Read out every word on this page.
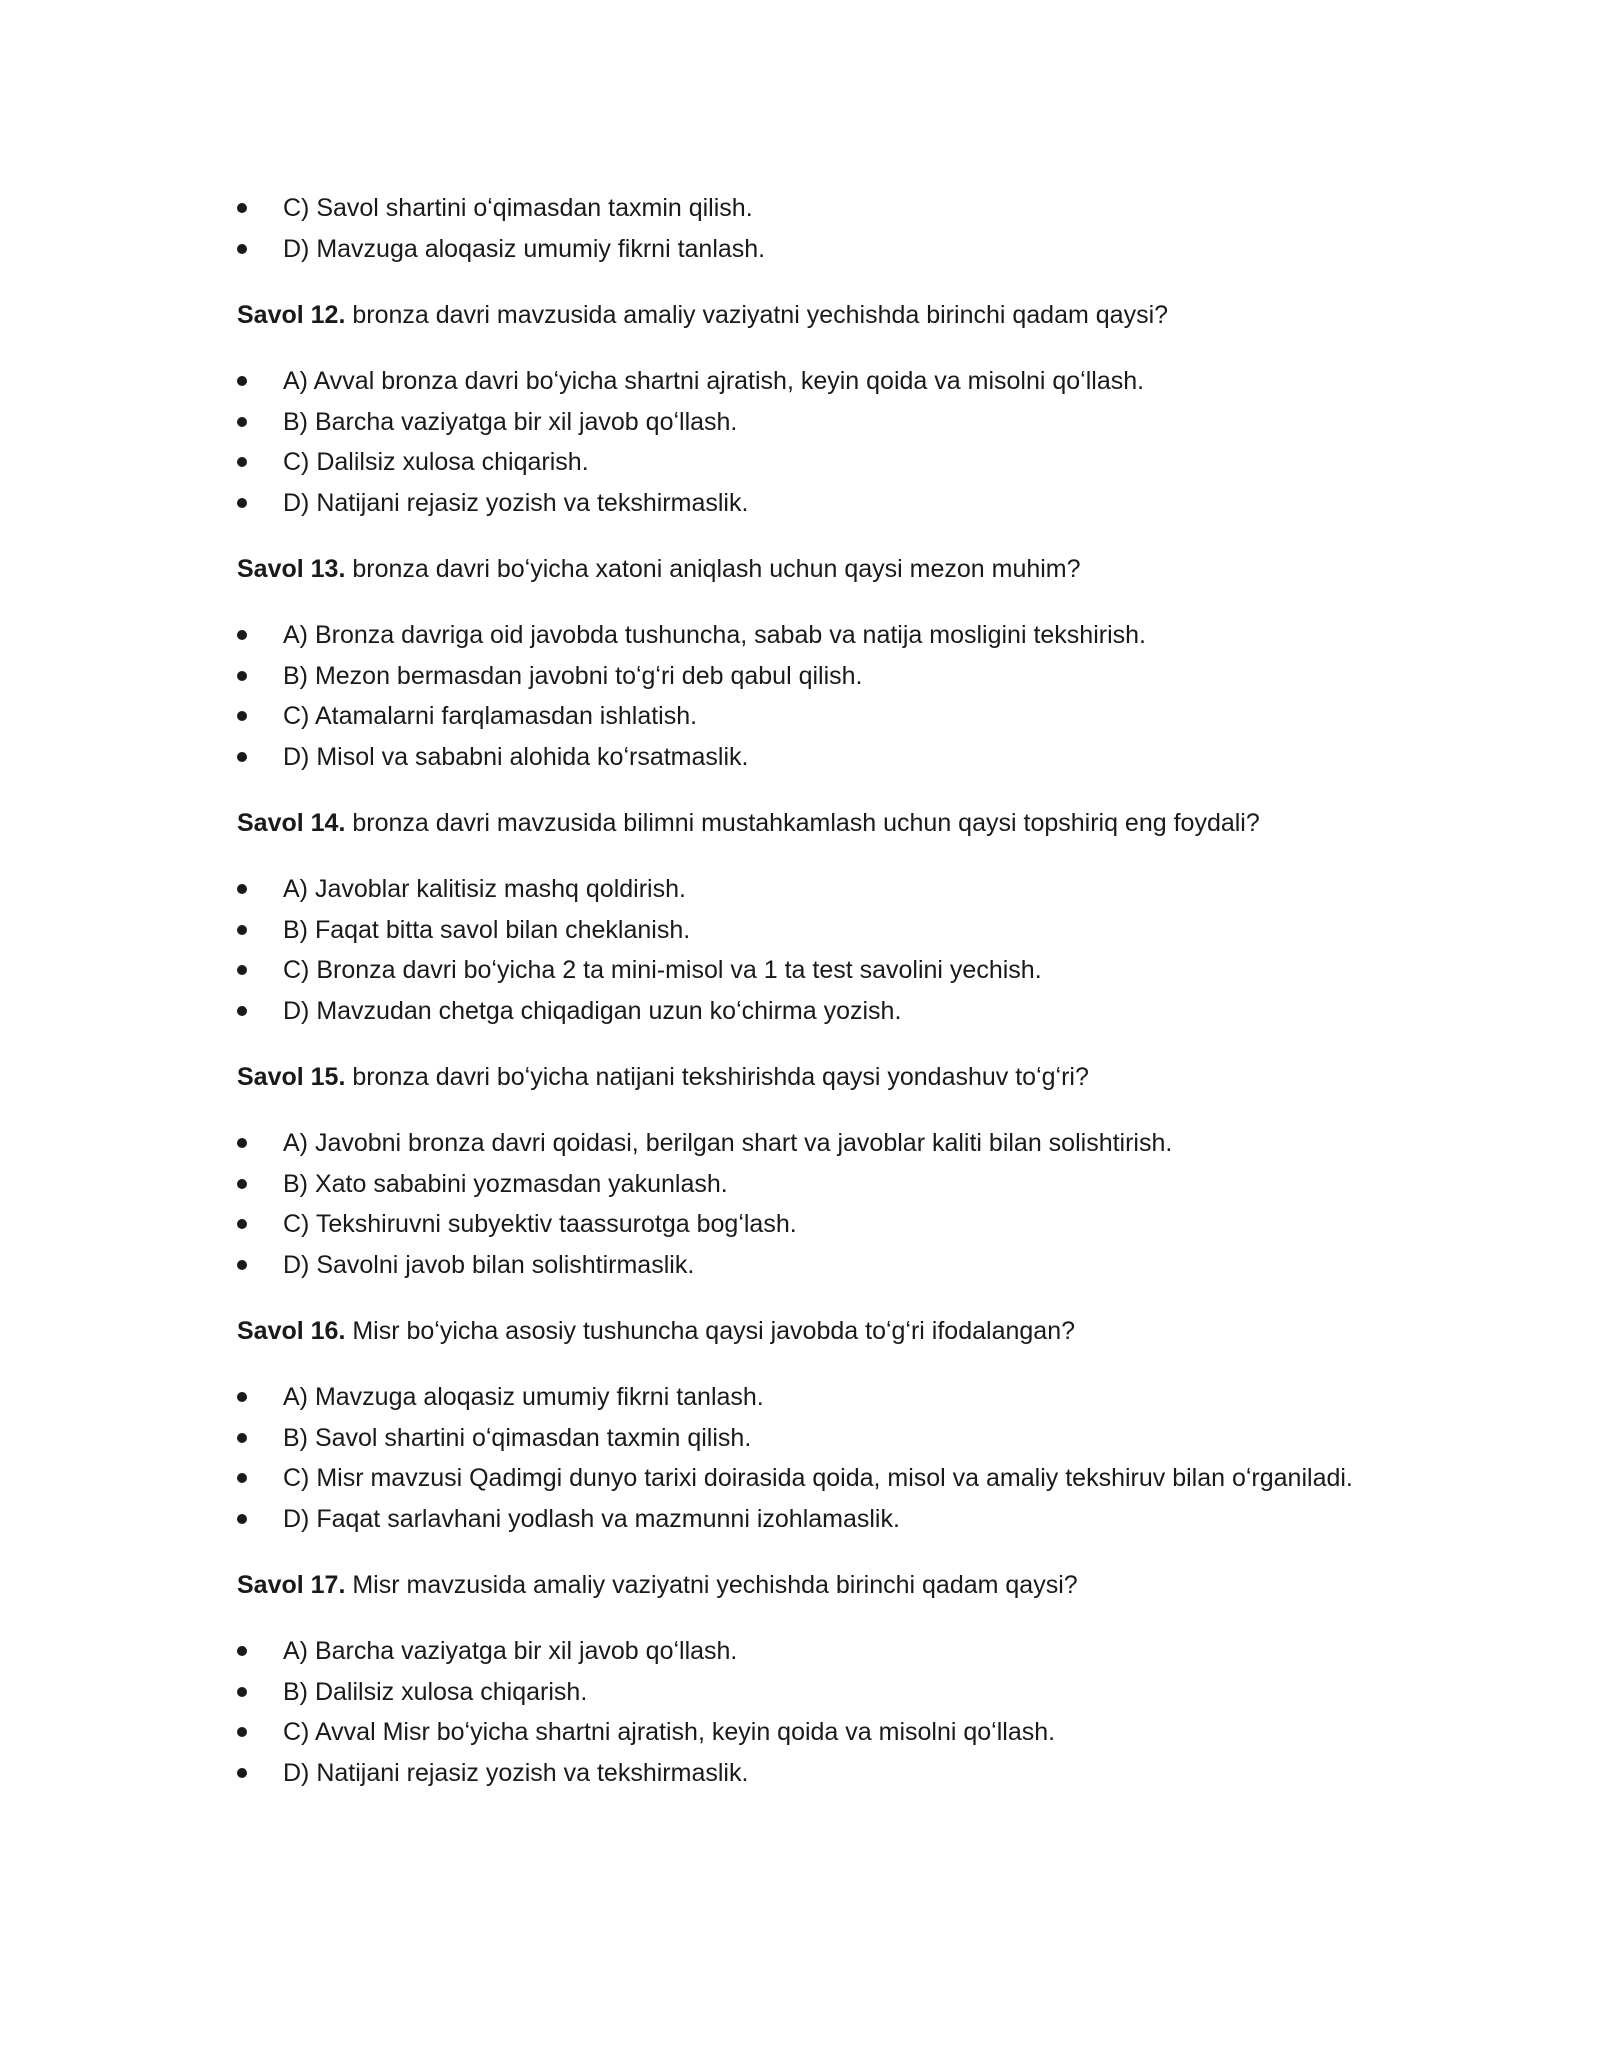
C) Savol shartini oʻqimasdan taxmin qilish.
D) Mavzuga aloqasiz umumiy fikrni tanlash.

Savol 12. bronza davri mavzusida amaliy vaziyatni yechishda birinchi qadam qaysi?

A) Avval bronza davri boʻyicha shartni ajratish, keyin qoida va misolni qoʻllash.
B) Barcha vaziyatga bir xil javob qoʻllash.
C) Dalilsiz xulosa chiqarish.
D) Natijani rejasiz yozish va tekshirmaslik.

Savol 13. bronza davri boʻyicha xatoni aniqlash uchun qaysi mezon muhim?

A) Bronza davriga oid javobda tushuncha, sabab va natija mosligini tekshirish.
B) Mezon bermasdan javobni toʻgʻri deb qabul qilish.
C) Atamalarni farqlamasdan ishlatish.
D) Misol va sababni alohida koʻrsatmaslik.

Savol 14. bronza davri mavzusida bilimni mustahkamlash uchun qaysi topshiriq eng foydali?

A) Javoblar kalitisiz mashq qoldirish.
B) Faqat bitta savol bilan cheklanish.
C) Bronza davri boʻyicha 2 ta mini-misol va 1 ta test savolini yechish.
D) Mavzudan chetga chiqadigan uzun koʻchirma yozish.

Savol 15. bronza davri boʻyicha natijani tekshirishda qaysi yondashuv toʻgʻri?

A) Javobni bronza davri qoidasi, berilgan shart va javoblar kaliti bilan solishtirish.
B) Xato sababini yozmasdan yakunlash.
C) Tekshiruvni subyektiv taassurotga bogʻlash.
D) Savolni javob bilan solishtirmaslik.

Savol 16. Misr boʻyicha asosiy tushuncha qaysi javobda toʻgʻri ifodalangan?

A) Mavzuga aloqasiz umumiy fikrni tanlash.
B) Savol shartini oʻqimasdan taxmin qilish.
C) Misr mavzusi Qadimgi dunyo tarixi doirasida qoida, misol va amaliy tekshiruv bilan oʻrganiladi.
D) Faqat sarlavhani yodlash va mazmunni izohlamaslik.

Savol 17. Misr mavzusida amaliy vaziyatni yechishda birinchi qadam qaysi?

A) Barcha vaziyatga bir xil javob qoʻllash.
B) Dalilsiz xulosa chiqarish.
C) Avval Misr boʻyicha shartni ajratish, keyin qoida va misolni qoʻllash.
D) Natijani rejasiz yozish va tekshirmaslik.
